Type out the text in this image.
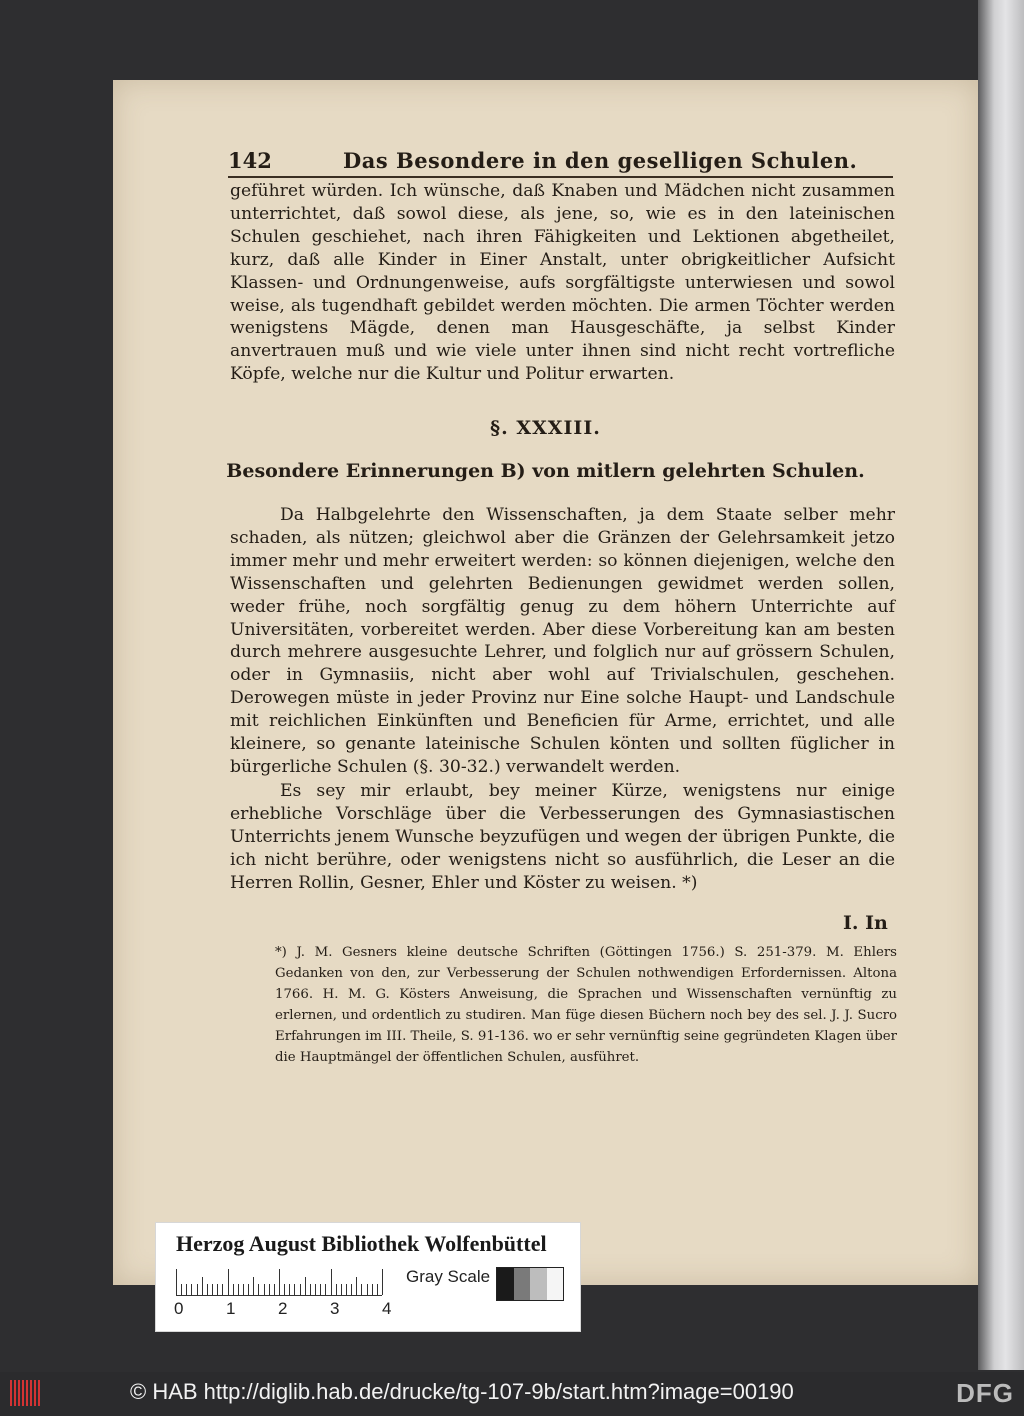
142	Das Besondere in den geselligen Schulen.
geführet würden. Ich wünsche, daß Knaben und Mädchen nicht zusammen unterrichtet, daß sowol diese, als jene, so, wie es in den lateinischen Schulen geschiehet, nach ihren Fähigkeiten und Lektionen abgetheilet, kurz, daß alle Kinder in Einer Anstalt, unter obrigkeitlicher Aufsicht Klassen- und Ordnungenweise, aufs sorgfältigste unterwiesen und sowol weise, als tugendhaft gebildet werden möchten. Die armen Töchter werden wenigstens Mägde, denen man Hausgeschäfte, ja selbst Kinder anvertrauen muß und wie viele unter ihnen sind nicht recht vortrefliche Köpfe, welche nur die Kultur und Politur erwarten.
§. XXXIII.
Besondere Erinnerungen B) von mitlern gelehrten Schulen.
Da Halbgelehrte den Wissenschaften, ja dem Staate selber mehr schaden, als nützen; gleichwol aber die Gränzen der Gelehrsamkeit jetzo immer mehr und mehr erweitert werden: so können diejenigen, welche den Wissenschaften und gelehrten Bedienungen gewidmet werden sollen, weder frühe, noch sorgfältig genug zu dem höhern Unterrichte auf Universitäten, vorbereitet werden. Aber diese Vorbereitung kan am besten durch mehrere ausgesuchte Lehrer, und folglich nur auf grössern Schulen, oder in Gymnasiis, nicht aber wohl auf Trivialschulen, geschehen. Derowegen müste in jeder Provinz nur Eine solche Haupt- und Landschule mit reichlichen Einkünften und Beneficien für Arme, errichtet, und alle kleinere, so genante lateinische Schulen könten und sollten füglicher in bürgerliche Schulen (§. 30-32.) verwandelt werden.
Es sey mir erlaubt, bey meiner Kürze, wenigstens nur einige erhebliche Vorschläge über die Verbesserungen des Gymnasiastischen Unterrichts jenem Wunsche beyzufügen und wegen der übrigen Punkte, die ich nicht berühre, oder wenigstens nicht so ausführlich, die Leser an die Herren Rollin, Gesner, Ehler und Köster zu weisen. *)
I. In
*) J. M. Gesners kleine deutsche Schriften (Göttingen 1756.) S. 251-379. M. Ehlers Gedanken von den, zur Verbesserung der Schulen nothwendigen Erfordernissen. Altona 1766. H. M. G. Kösters Anweisung, die Sprachen und Wissenschaften vernünftig zu erlernen, und ordentlich zu studiren. Man füge diesen Büchern noch bey des sel. J. J. Sucro Erfahrungen im III. Theile, S. 91-136. wo er sehr vernünftig seine gegründeten Klagen über die Hauptmängel der öffentlichen Schulen, ausführet.
Herzog August Bibliothek Wolfenbüttel
0	1	2	3	4
Gray Scale
© HAB http://diglib.hab.de/drucke/tg-107-9b/start.htm?image=00190	DFG
